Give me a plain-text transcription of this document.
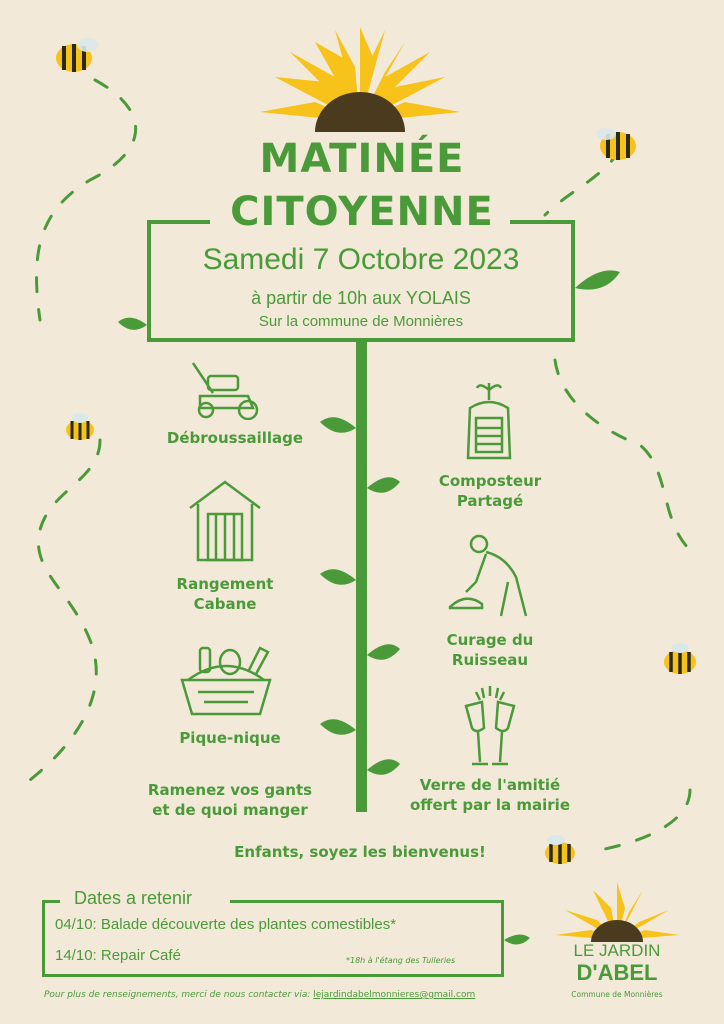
MATINÉE
CITOYENNE
Samedi 7 Octobre 2023
à partir de 10h aux YOLAIS
Sur la commune de Monnières
Débroussaillage
Composteur
Partagé
Rangement
Cabane
Curage du
Ruisseau
Pique-nique
Ramenez vos gants
et de quoi manger
Verre de l'amitié
offert par la mairie
Enfants, soyez les bienvenus!
Dates a retenir
04/10: Balade découverte des plantes comestibles*
14/10: Repair Café	*18h à l'étang des Tuileries
Pour plus de renseignements, merci de nous contacter via: lejardindabelmonnieres@gmail.com
LE JARDIN
D'ABEL
Commune de Monnières
